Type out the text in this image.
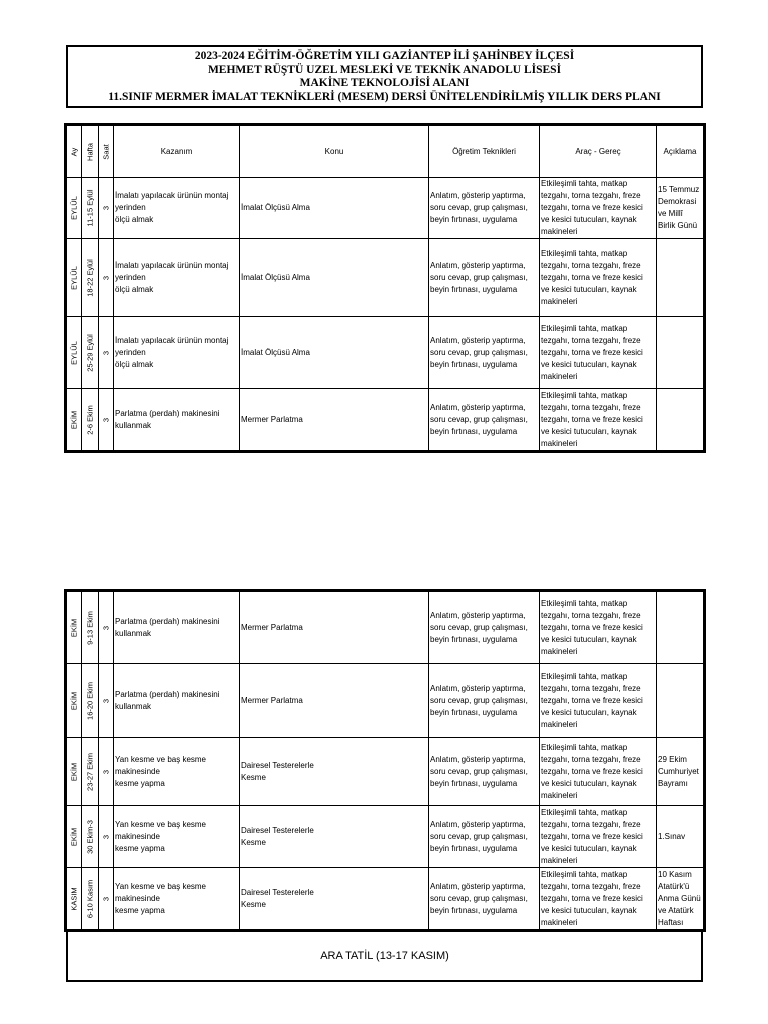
2023-2024 EĞİTİM-ÖĞRETİM YILI GAZİANTEP İLİ ŞAHİNBEY İLÇESİ
MEHMET RÜŞTÜ UZEL MESLEKİ VE TEKNİK ANADOLU LİSESİ
MAKİNE TEKNOLOJİSİ ALANI
11.SINIF MERMER İMALAT TEKNİKLERİ (MESEM) DERSİ ÜNİTELENDİRİLMİŞ YILLIK DERS PLANI
Ay	Hafta	Saat	Kazanım	Konu	Öğretim Teknikleri	Araç - Gereç	Açıklama

EYLÜL	11-15 Eylül	3	İmalatı yapılacak ürünün montaj
yerinden
ölçü almak	İmalat Ölçüsü Alma	Anlatım, gösterip yaptırma,
soru cevap, grup çalışması,
beyin fırtınası, uygulama	Etkileşimli tahta, matkap
tezgahı, torna tezgahı, freze
tezgahı, torna ve freze kesici
ve kesici tutucuları, kaynak
makineleri	15 Temmuz
Demokrasi
ve Millî
Birlik Günü

EYLÜL	18-22 Eylül	3	İmalatı yapılacak ürünün montaj
yerinden
ölçü almak	İmalat Ölçüsü Alma	Anlatım, gösterip yaptırma,
soru cevap, grup çalışması,
beyin fırtınası, uygulama	Etkileşimli tahta, matkap
tezgahı, torna tezgahı, freze
tezgahı, torna ve freze kesici
ve kesici tutucuları, kaynak
makineleri	

EYLÜL	25-29 Eylül	3	İmalatı yapılacak ürünün montaj
yerinden
ölçü almak	İmalat Ölçüsü Alma	Anlatım, gösterip yaptırma,
soru cevap, grup çalışması,
beyin fırtınası, uygulama	Etkileşimli tahta, matkap
tezgahı, torna tezgahı, freze
tezgahı, torna ve freze kesici
ve kesici tutucuları, kaynak
makineleri	

EKİM	2-6 Ekim	3	Parlatma (perdah) makinesini
kullanmak	Mermer Parlatma	Anlatım, gösterip yaptırma,
soru cevap, grup çalışması,
beyin fırtınası, uygulama	Etkileşimli tahta, matkap
tezgahı, torna tezgahı, freze
tezgahı, torna ve freze kesici
ve kesici tutucuları, kaynak
makineleri	
EKİM	9-13 Ekim	3	Parlatma (perdah) makinesini
kullanmak	Mermer Parlatma	Anlatım, gösterip yaptırma,
soru cevap, grup çalışması,
beyin fırtınası, uygulama	Etkileşimli tahta, matkap
tezgahı, torna tezgahı, freze
tezgahı, torna ve freze kesici
ve kesici tutucuları, kaynak
makineleri	

EKİM	16-20 Ekim	3	Parlatma (perdah) makinesini
kullanmak	Mermer Parlatma	Anlatım, gösterip yaptırma,
soru cevap, grup çalışması,
beyin fırtınası, uygulama	Etkileşimli tahta, matkap
tezgahı, torna tezgahı, freze
tezgahı, torna ve freze kesici
ve kesici tutucuları, kaynak
makineleri	

EKİM	23-27 Ekim	3	Yan kesme ve baş kesme
makinesinde
kesme yapma	Dairesel Testerelerle
Kesme	Anlatım, gösterip yaptırma,
soru cevap, grup çalışması,
beyin fırtınası, uygulama	Etkileşimli tahta, matkap
tezgahı, torna tezgahı, freze
tezgahı, torna ve freze kesici
ve kesici tutucuları, kaynak
makineleri	29 Ekim
Cumhuriyet
Bayramı

EKİM	30 Ekim-3	3	Yan kesme ve baş kesme
makinesinde
kesme yapma	Dairesel Testerelerle
Kesme	Anlatım, gösterip yaptırma,
soru cevap, grup çalışması,
beyin fırtınası, uygulama	Etkileşimli tahta, matkap
tezgahı, torna tezgahı, freze
tezgahı, torna ve freze kesici
ve kesici tutucuları, kaynak
makineleri	1.Sınav

KASIM	6-10 Kasım	3	Yan kesme ve baş kesme
makinesinde
kesme yapma	Dairesel Testerelerle
Kesme	Anlatım, gösterip yaptırma,
soru cevap, grup çalışması,
beyin fırtınası, uygulama	Etkileşimli tahta, matkap
tezgahı, torna tezgahı, freze
tezgahı, torna ve freze kesici
ve kesici tutucuları, kaynak
makineleri	10 Kasım
Atatürk'ü
Anma Günü
ve Atatürk
Haftası
ARA TATİL (13-17 KASIM)
